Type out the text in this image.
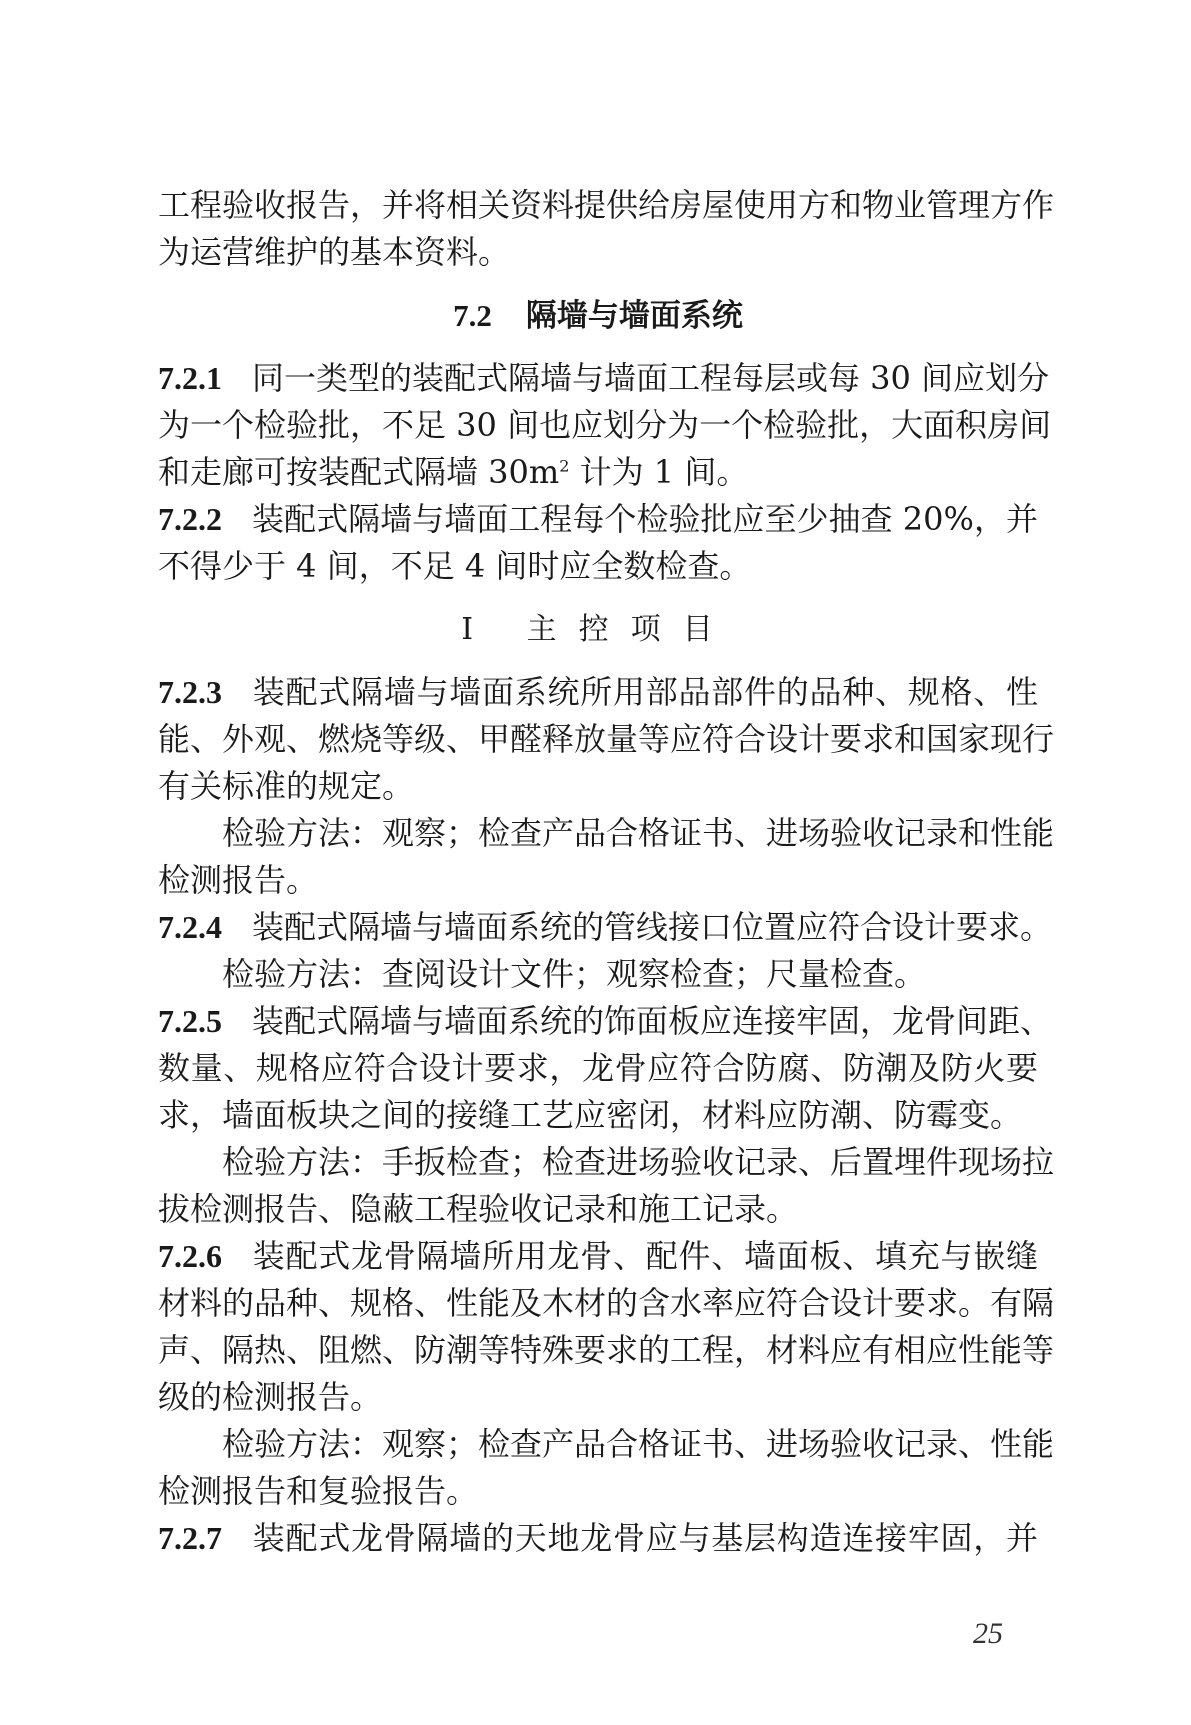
工程验收报告，并将相关资料提供给房屋使用方和物业管理方作
为运营维护的基本资料。
7.2 隔墙与墙面系统
7.2.1 同一类型的装配式隔墙与墙面工程每层或每 30 间应划分
为一个检验批，不足 30 间也应划分为一个检验批，大面积房间
和走廊可按装配式隔墙 $30m^2$ 计为 1 间。
7.2.2 装配式隔墙与墙面工程每个检验批应至少抽查 20%，并
不得少于 4 间，不足 4 间时应全数检查。
Ⅰ 主控项目
7.2.3 装配式隔墙与墙面系统所用部品部件的品种、规格、性
能、外观、燃烧等级、甲醛释放量等应符合设计要求和国家现行
有关标准的规定。
检验方法：观察；检查产品合格证书、进场验收记录和性能
检测报告。
7.2.4 装配式隔墙与墙面系统的管线接口位置应符合设计要求。
检验方法：查阅设计文件；观察检查；尺量检查。
7.2.5 装配式隔墙与墙面系统的饰面板应连接牢固，龙骨间距、
数量、规格应符合设计要求，龙骨应符合防腐、防潮及防火要
求，墙面板块之间的接缝工艺应密闭，材料应防潮、防霉变。
检验方法：手扳检查；检查进场验收记录、后置埋件现场拉
拔检测报告、隐蔽工程验收记录和施工记录。
7.2.6 装配式龙骨隔墙所用龙骨、配件、墙面板、填充与嵌缝
材料的品种、规格、性能及木材的含水率应符合设计要求。有隔
声、隔热、阻燃、防潮等特殊要求的工程，材料应有相应性能等
级的检测报告。
检验方法：观察；检查产品合格证书、进场验收记录、性能
检测报告和复验报告。
7.2.7 装配式龙骨隔墙的天地龙骨应与基层构造连接牢固，并
25
